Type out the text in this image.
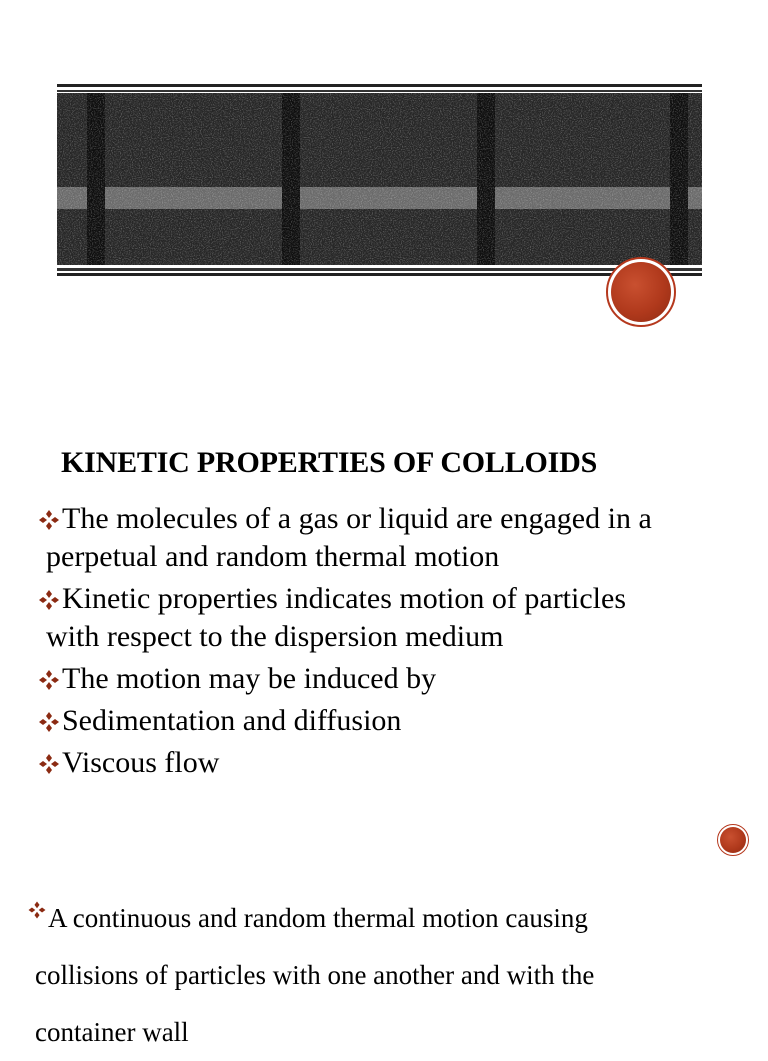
KINETIC PROPERTIES OF COLLOIDS
The molecules of a gas or liquid are engaged in a
perpetual and random thermal motion
Kinetic properties indicates motion of particles
with respect to the dispersion medium
The motion may be induced by
Sedimentation and diffusion
Viscous flow
A continuous and random thermal motion causing
collisions of particles with one another and with the
container wall
